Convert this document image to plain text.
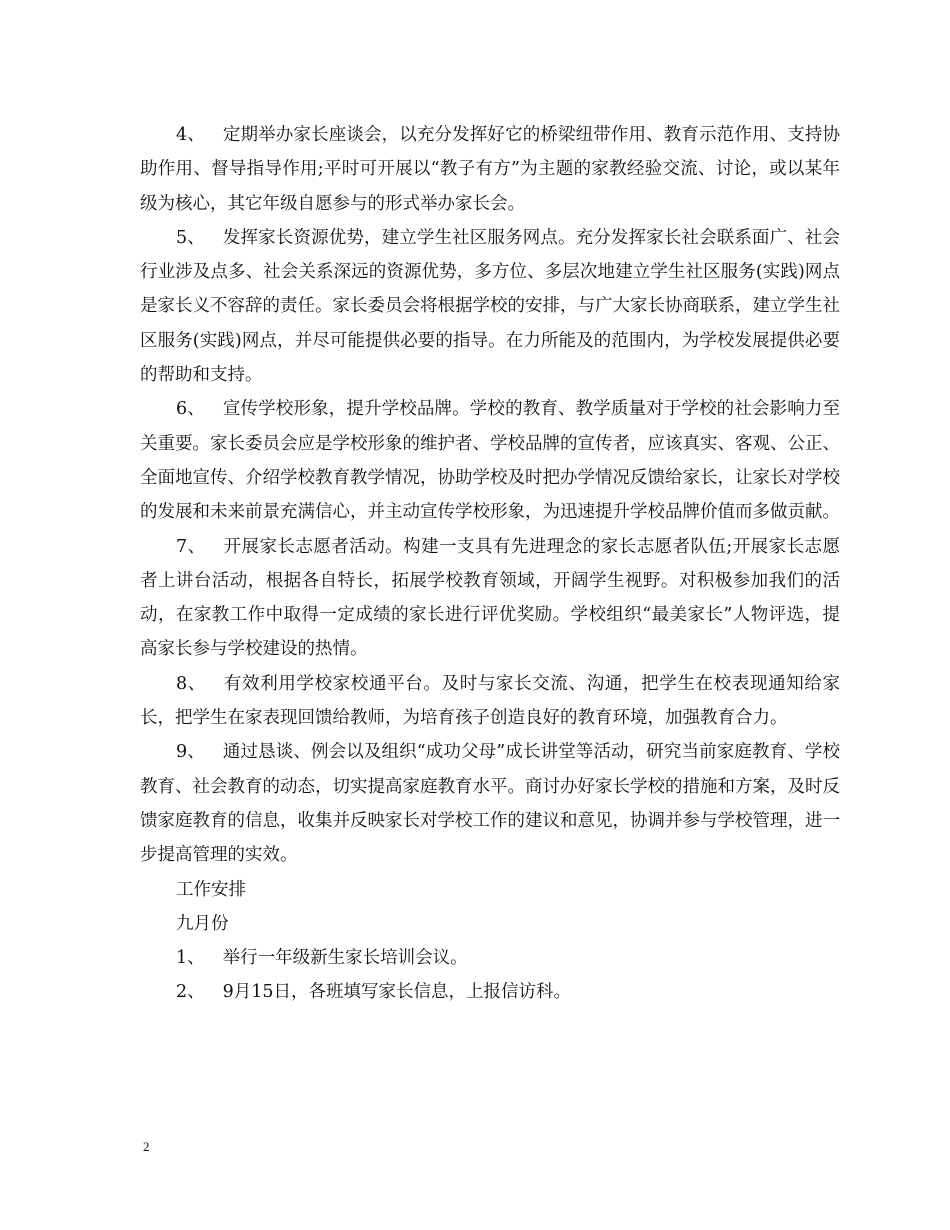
4、 定期举办家长座谈会，以充分发挥好它的桥梁纽带作用、教育示范作用、支持协助作用、督导指导作用;平时可开展以“教子有方”为主题的家教经验交流、讨论，或以某年级为核心，其它年级自愿参与的形式举办家长会。

5、 发挥家长资源优势，建立学生社区服务网点。充分发挥家长社会联系面广、社会行业涉及点多、社会关系深远的资源优势，多方位、多层次地建立学生社区服务(实践)网点是家长义不容辞的责任。家长委员会将根据学校的安排，与广大家长协商联系，建立学生社区服务(实践)网点，并尽可能提供必要的指导。在力所能及的范围内，为学校发展提供必要的帮助和支持。

6、 宣传学校形象，提升学校品牌。学校的教育、教学质量对于学校的社会影响力至关重要。家长委员会应是学校形象的维护者、学校品牌的宣传者，应该真实、客观、公正、全面地宣传、介绍学校教育教学情况，协助学校及时把办学情况反馈给家长，让家长对学校的发展和未来前景充满信心，并主动宣传学校形象，为迅速提升学校品牌价值而多做贡献。

7、 开展家长志愿者活动。构建一支具有先进理念的家长志愿者队伍;开展家长志愿者上讲台活动，根据各自特长，拓展学校教育领域，开阔学生视野。对积极参加我们的活动，在家教工作中取得一定成绩的家长进行评优奖励。学校组织“最美家长”人物评选，提高家长参与学校建设的热情。

8、 有效利用学校家校通平台。及时与家长交流、沟通，把学生在校表现通知给家长，把学生在家表现回馈给教师，为培育孩子创造良好的教育环境，加强教育合力。

9、 通过恳谈、例会以及组织“成功父母”成长讲堂等活动，研究当前家庭教育、学校教育、社会教育的动态，切实提高家庭教育水平。商讨办好家长学校的措施和方案，及时反馈家庭教育的信息，收集并反映家长对学校工作的建议和意见，协调并参与学校管理，进一步提高管理的实效。

工作安排

九月份

1、 举行一年级新生家长培训会议。

2、 9月15日，各班填写家长信息，上报信访科。

2
